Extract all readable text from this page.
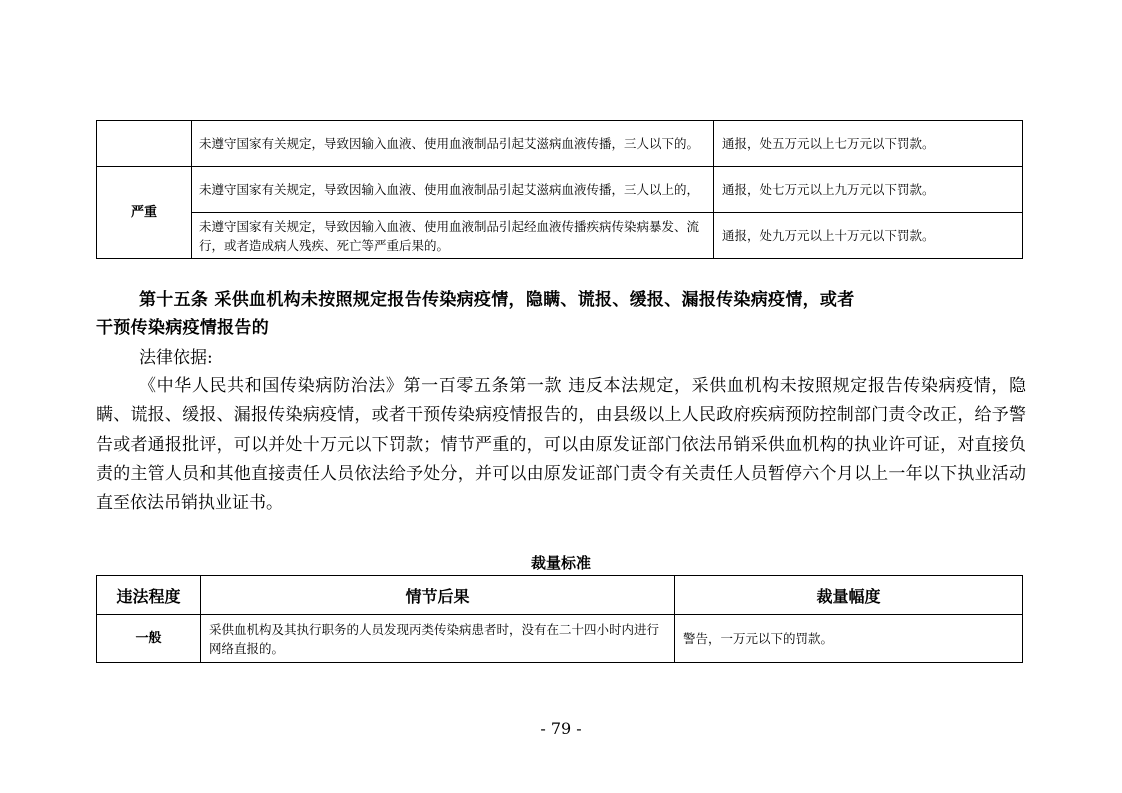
	未遵守国家有关规定，导致因输入血液、使用血液制品引起艾滋病血液传播，三人以下的。	通报，处五万元以上七万元以下罚款。
严重	未遵守国家有关规定，导致因输入血液、使用血液制品引起艾滋病血液传播，三人以上的，	通报，处七万元以上九万元以下罚款。
	未遵守国家有关规定，导致因输入血液、使用血液制品引起经血液传播疾病传染病暴发、流行，或者造成病人残疾、死亡等严重后果的。	通报，处九万元以上十万元以下罚款。
第十五条 采供血机构未按照规定报告传染病疫情，隐瞒、谎报、缓报、漏报传染病疫情，或者
干预传染病疫情报告的
法律依据:
《中华人民共和国传染病防治法》第一百零五条第一款 违反本法规定，采供血机构未按照规定报告传染病疫情，隐瞒、谎报、缓报、漏报传染病疫情，或者干预传染病疫情报告的，由县级以上人民政府疾病预防控制部门责令改正，给予警告或者通报批评，可以并处十万元以下罚款；情节严重的，可以由原发证部门依法吊销采供血机构的执业许可证，对直接负责的主管人员和其他直接责任人员依法给予处分，并可以由原发证部门责令有关责任人员暂停六个月以上一年以下执业活动直至依法吊销执业证书。
裁量标准
违法程度	情节后果	裁量幅度
一般	采供血机构及其执行职务的人员发现丙类传染病患者时，没有在二十四小时内进行网络直报的。	警告，一万元以下的罚款。
- 79 -
